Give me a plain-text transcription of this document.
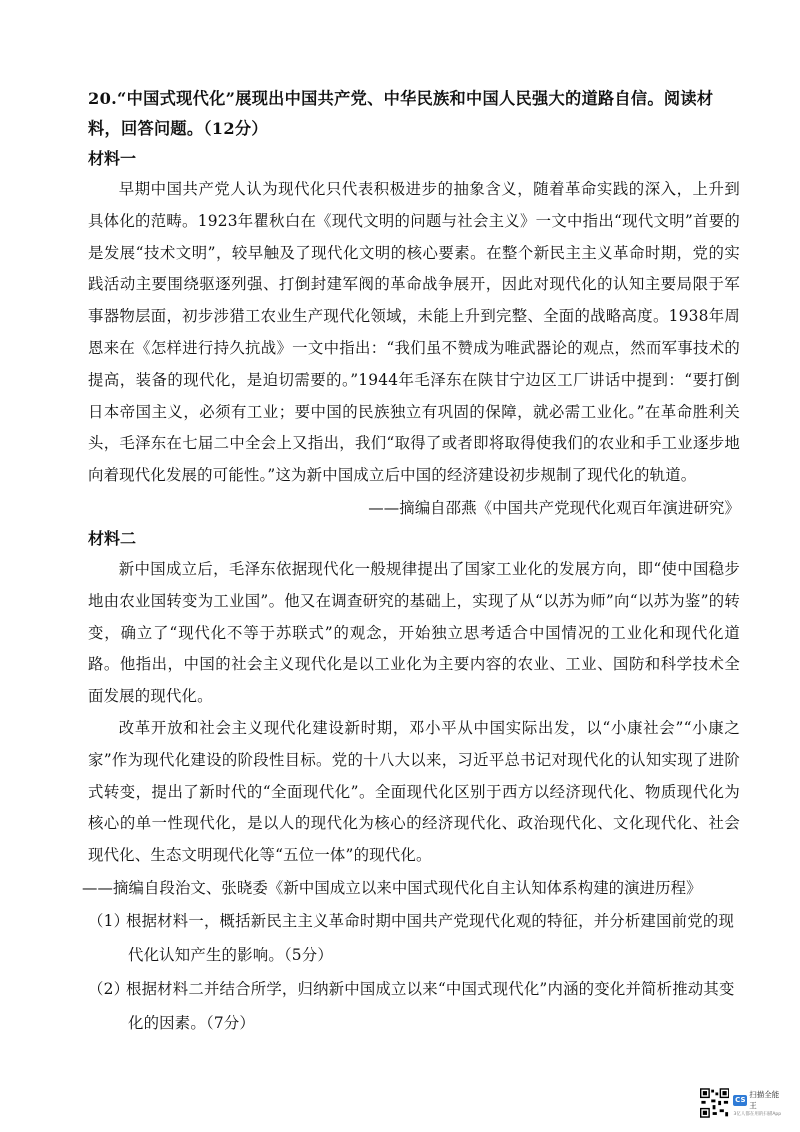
20.“中国式现代化”展现出中国共产党、中华民族和中国人民强大的道路自信。阅读材料，回答问题。（12分）

材料一

早期中国共产党人认为现代化只代表积极进步的抽象含义，随着革命实践的深入，上升到具体化的范畴。1923年瞿秋白在《现代文明的问题与社会主义》一文中指出“现代文明”首要的是发展“技术文明”，较早触及了现代化文明的核心要素。在整个新民主主义革命时期，党的实践活动主要围绕驱逐列强、打倒封建军阀的革命战争展开，因此对现代化的认知主要局限于军事器物层面，初步涉猎工农业生产现代化领域，未能上升到完整、全面的战略高度。1938年周恩来在《怎样进行持久抗战》一文中指出：“我们虽不赞成为唯武器论的观点，然而军事技术的提高，装备的现代化，是迫切需要的。”1944年毛泽东在陕甘宁边区工厂讲话中提到：“要打倒日本帝国主义，必须有工业；要中国的民族独立有巩固的保障，就必需工业化。”在革命胜利关头，毛泽东在七届二中全会上又指出，我们“取得了或者即将取得使我们的农业和手工业逐步地向着现代化发展的可能性。”这为新中国成立后中国的经济建设初步规制了现代化的轨道。

——摘编自邵燕《中国共产党现代化观百年演进研究》

材料二

新中国成立后，毛泽东依据现代化一般规律提出了国家工业化的发展方向，即“使中国稳步地由农业国转变为工业国”。他又在调查研究的基础上，实现了从“以苏为师”向“以苏为鉴”的转变，确立了“现代化不等于苏联式”的观念，开始独立思考适合中国情况的工业化和现代化道路。他指出，中国的社会主义现代化是以工业化为主要内容的农业、工业、国防和科学技术全面发展的现代化。

改革开放和社会主义现代化建设新时期，邓小平从中国实际出发，以“小康社会”“小康之家”作为现代化建设的阶段性目标。党的十八大以来，习近平总书记对现代化的认知实现了进阶式转变，提出了新时代的“全面现代化”。全面现代化区别于西方以经济现代化、物质现代化为核心的单一性现代化，是以人的现代化为核心的经济现代化、政治现代化、文化现代化、社会现代化、生态文明现代化等“五位一体”的现代化。

——摘编自段治文、张晓委《新中国成立以来中国式现代化自主认知体系构建的演进历程》

（1）根据材料一，概括新民主主义革命时期中国共产党现代化观的特征，并分析建国前党的现代化认知产生的影响。（5分）
（2）根据材料二并结合所学，归纳新中国成立以来“中国式现代化”内涵的变化并简析推动其变化的因素。（7分）
CS
扫描全能王
3亿人都在用的扫描App
